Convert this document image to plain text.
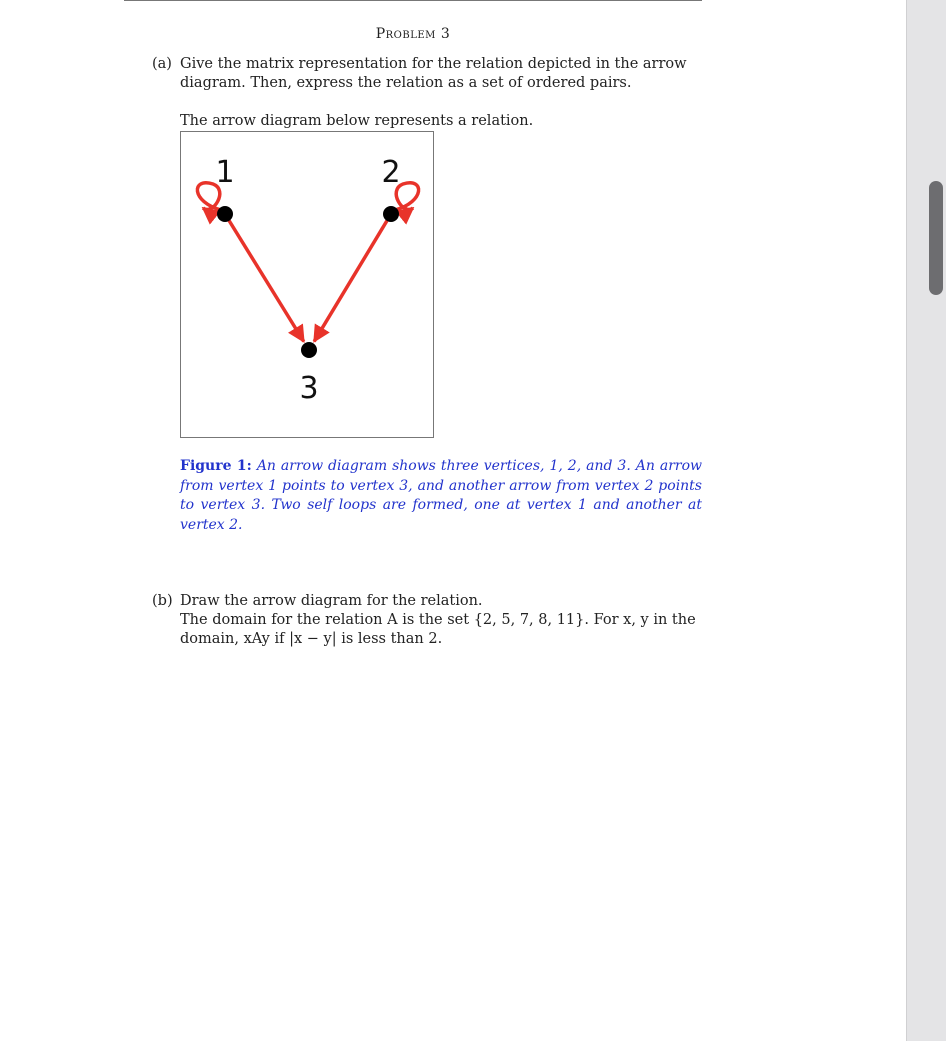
Problem 3
(a) Give the matrix representation for the relation depicted in the arrow diagram. Then, express the relation as a set of ordered pairs.
The arrow diagram below represents a relation.
1	2
3
Figure 1: An arrow diagram shows three vertices, 1, 2, and 3. An arrow from vertex 1 points to vertex 3, and another arrow from vertex 2 points to vertex 3. Two self loops are formed, one at vertex 1 and another at vertex 2.
(b) Draw the arrow diagram for the relation.
The domain for the relation A is the set {2, 5, 7, 8, 11}. For x, y in the domain, xAy if |x − y| is less than 2.
